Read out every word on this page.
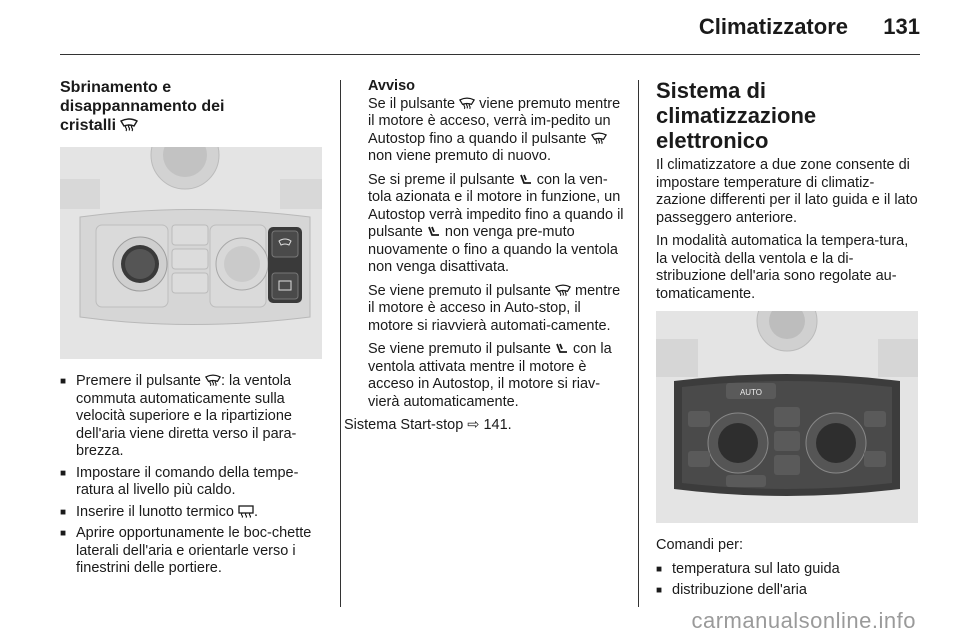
Climatizzatore 131
Sbrinamento e
disappannamento dei
cristalli
■ Premere il pulsante : la ventola commuta automaticamente sulla velocità superiore e la ripartizione dell'aria viene diretta verso il para-brezza.
■ Impostare il comando della tempe-ratura al livello più caldo.
■ Inserire il lunotto termico .
■ Aprire opportunamente le boc-chette laterali dell'aria e orientarle verso i finestrini delle portiere.
Avviso

Se il pulsante  viene premuto mentre il motore è acceso, verrà im-pedito un Autostop fino a quando il pulsante  non viene premuto di nuovo.

Se si preme il pulsante  con la ven-tola azionata e il motore in funzione, un Autostop verrà impedito fino a quando il pulsante  non venga pre-muto nuovamente o fino a quando la ventola non venga disattivata.

Se viene premuto il pulsante  mentre il motore è acceso in Auto-stop, il motore si riavvierà automati-camente.

Se viene premuto il pulsante  con la ventola attivata mentre il motore è acceso in Autostop, il motore si riav-vierà automaticamente.

Sistema Start-stop ⇨ 141.

Sistema di climatizzazione
elettronico

Il climatizzatore a due zone consente di impostare temperature di climatiz-zazione differenti per il lato guida e il lato passeggero anteriore.

In modalità automatica la tempera-tura, la velocità della ventola e la di-stribuzione dell'aria sono regolate au-tomaticamente.

AUTO

Comandi per:

■ temperatura sul lato guida
■ distribuzione dell'aria
carmanualsonline.info
